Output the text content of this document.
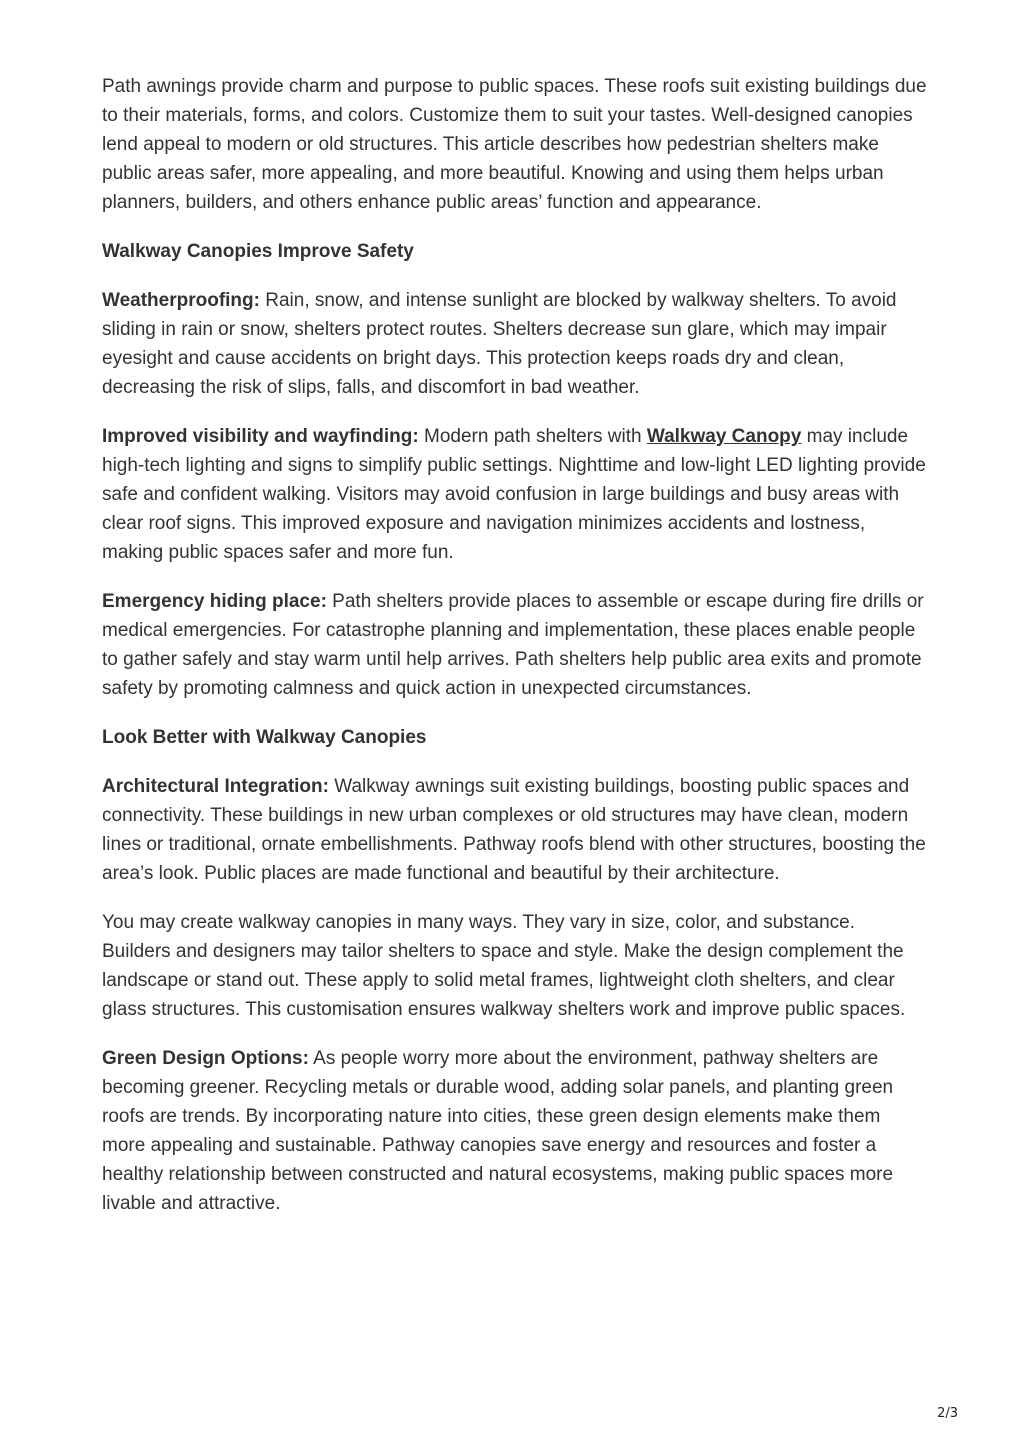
Path awnings provide charm and purpose to public spaces. These roofs suit existing buildings due to their materials, forms, and colors. Customize them to suit your tastes. Well-designed canopies lend appeal to modern or old structures. This article describes how pedestrian shelters make public areas safer, more appealing, and more beautiful. Knowing and using them helps urban planners, builders, and others enhance public areas’ function and appearance.

Walkway Canopies Improve Safety

Weatherproofing: Rain, snow, and intense sunlight are blocked by walkway shelters. To avoid sliding in rain or snow, shelters protect routes. Shelters decrease sun glare, which may impair eyesight and cause accidents on bright days. This protection keeps roads dry and clean, decreasing the risk of slips, falls, and discomfort in bad weather.

Improved visibility and wayfinding: Modern path shelters with Walkway Canopy may include high-tech lighting and signs to simplify public settings. Nighttime and low-light LED lighting provide safe and confident walking. Visitors may avoid confusion in large buildings and busy areas with clear roof signs. This improved exposure and navigation minimizes accidents and lostness, making public spaces safer and more fun.

Emergency hiding place: Path shelters provide places to assemble or escape during fire drills or medical emergencies. For catastrophe planning and implementation, these places enable people to gather safely and stay warm until help arrives. Path shelters help public area exits and promote safety by promoting calmness and quick action in unexpected circumstances.

Look Better with Walkway Canopies

Architectural Integration: Walkway awnings suit existing buildings, boosting public spaces and connectivity. These buildings in new urban complexes or old structures may have clean, modern lines or traditional, ornate embellishments. Pathway roofs blend with other structures, boosting the area’s look. Public places are made functional and beautiful by their architecture.

You may create walkway canopies in many ways. They vary in size, color, and substance. Builders and designers may tailor shelters to space and style. Make the design complement the landscape or stand out. These apply to solid metal frames, lightweight cloth shelters, and clear glass structures. This customisation ensures walkway shelters work and improve public spaces.

Green Design Options: As people worry more about the environment, pathway shelters are becoming greener. Recycling metals or durable wood, adding solar panels, and planting green roofs are trends. By incorporating nature into cities, these green design elements make them more appealing and sustainable. Pathway canopies save energy and resources and foster a healthy relationship between constructed and natural ecosystems, making public spaces more livable and attractive.

2/3
